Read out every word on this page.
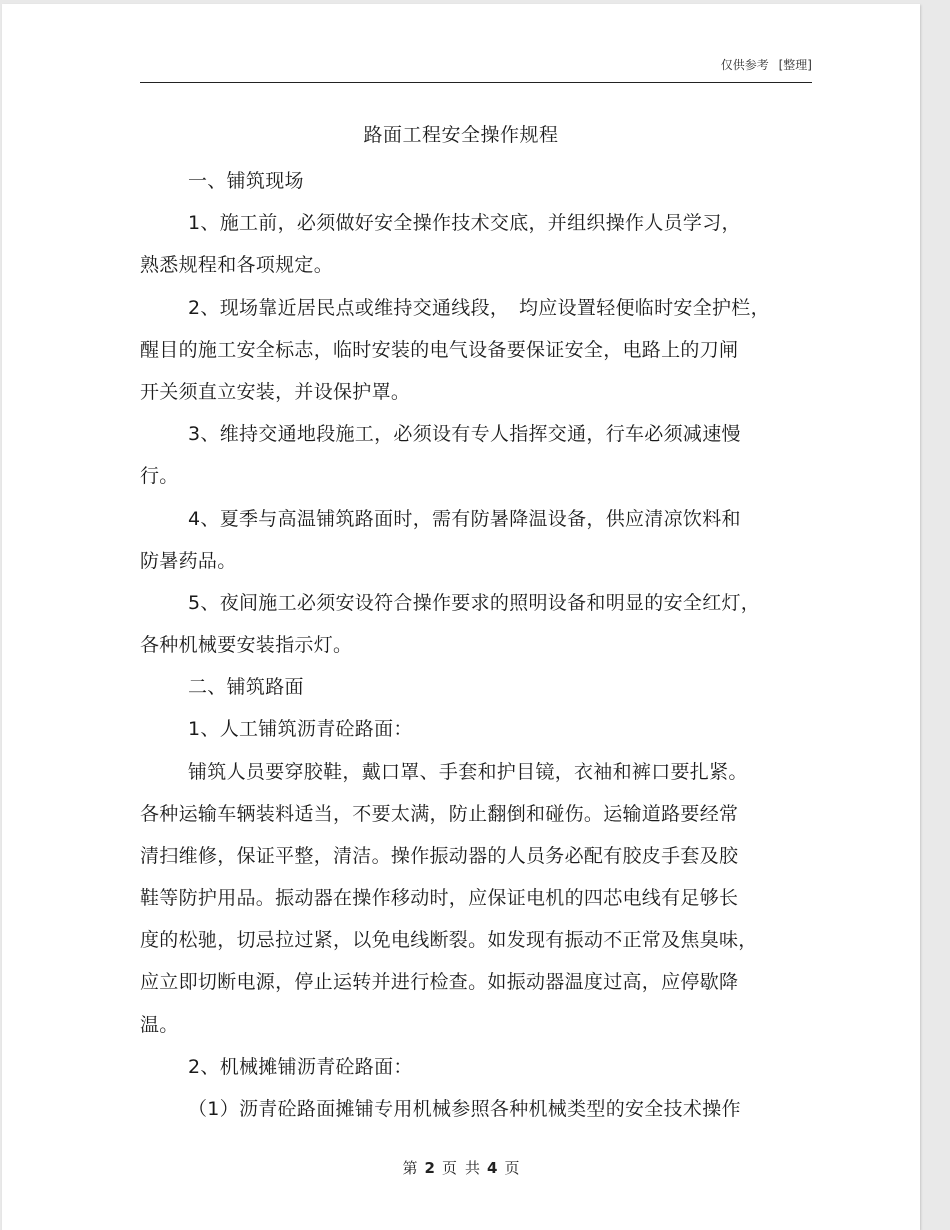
仅供参考 [整理]
路面工程安全操作规程
一、铺筑现场
1、施工前，必须做好安全操作技术交底，并组织操作人员学习，
熟悉规程和各项规定。
2、现场靠近居民点或维持交通线段，　均应设置轻便临时安全护栏，
醒目的施工安全标志，临时安装的电气设备要保证安全，电路上的刀闸
开关须直立安装，并设保护罩。
3、维持交通地段施工，必须设有专人指挥交通，行车必须减速慢
行。
4、夏季与高温铺筑路面时，需有防暑降温设备，供应清凉饮料和
防暑药品。
5、夜间施工必须安设符合操作要求的照明设备和明显的安全红灯，
各种机械要安装指示灯。
二、铺筑路面
1、人工铺筑沥青砼路面：
铺筑人员要穿胶鞋，戴口罩、手套和护目镜，衣袖和裤口要扎紧。
各种运输车辆装料适当，不要太满，防止翻倒和碰伤。运输道路要经常
清扫维修，保证平整，清洁。操作振动器的人员务必配有胶皮手套及胶
鞋等防护用品。振动器在操作移动时，应保证电机的四芯电线有足够长
度的松驰，切忌拉过紧，以免电线断裂。如发现有振动不正常及焦臭味，
应立即切断电源，停止运转并进行检查。如振动器温度过高，应停歇降
温。
2、机械摊铺沥青砼路面：
（1）沥青砼路面摊铺专用机械参照各种机械类型的安全技术操作
第 2 页 共 4 页
